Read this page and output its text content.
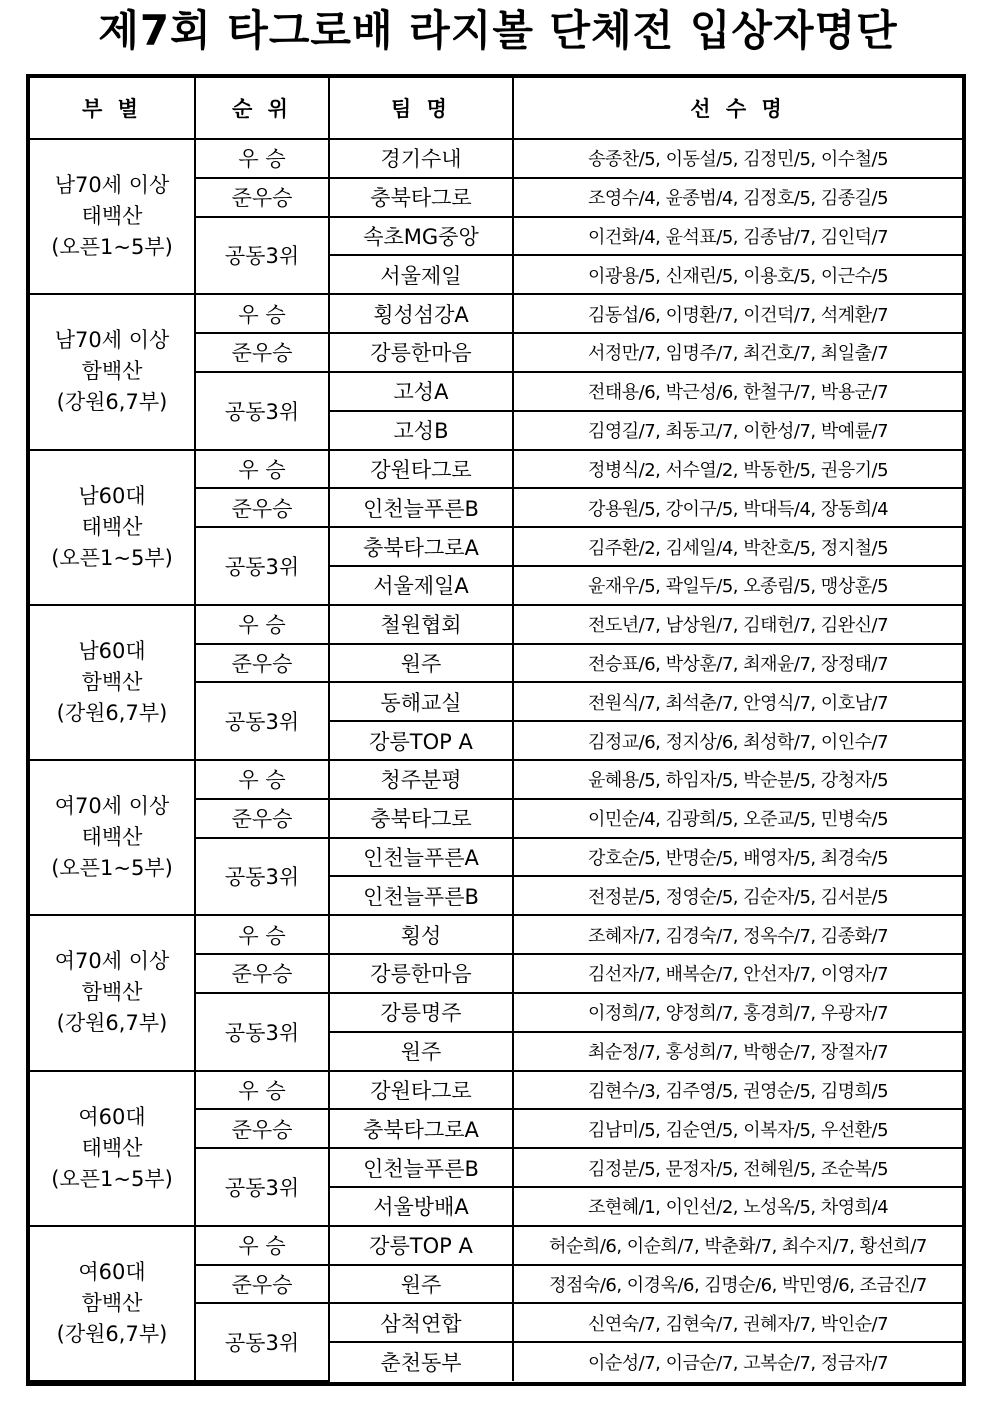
제7회 타그로배 라지볼 단체전 입상자명단
부 별	순 위	팀 명	선 수 명

남70세 이상
태백산
(오픈1~5부)	우 승	경기수내	송종찬/5, 이동설/5, 김정민/5, 이수철/5
	준우승	충북타그로	조영수/4, 윤종범/4, 김정호/5, 김종길/5
	공동3위	속초MG중앙	이건화/4, 윤석표/5, 김종남/7, 김인덕/7
		서울제일	이광용/5, 신재린/5, 이용호/5, 이근수/5

남70세 이상
함백산
(강원6,7부)	우 승	횡성섬강A	김동섭/6, 이명환/7, 이건덕/7, 석계환/7
	준우승	강릉한마음	서정만/7, 임명주/7, 최건호/7, 최일출/7
	공동3위	고성A	전태용/6, 박근성/6, 한철구/7, 박용군/7
		고성B	김영길/7, 최동고/7, 이한성/7, 박예륜/7

남60대
태백산
(오픈1~5부)	우 승	강원타그로	정병식/2, 서수열/2, 박동한/5, 권응기/5
	준우승	인천늘푸른B	강용원/5, 강이구/5, 박대득/4, 장동희/4
	공동3위	충북타그로A	김주환/2, 김세일/4, 박찬호/5, 정지철/5
		서울제일A	윤재우/5, 곽일두/5, 오종림/5, 맹상훈/5

남60대
함백산
(강원6,7부)	우 승	철원협회	전도년/7, 남상원/7, 김태헌/7, 김완신/7
	준우승	원주	전승표/6, 박상훈/7, 최재윤/7, 장정태/7
	공동3위	동해교실	전원식/7, 최석춘/7, 안영식/7, 이호남/7
		강릉TOP A	김정교/6, 정지상/6, 최성학/7, 이인수/7

여70세 이상
태백산
(오픈1~5부)	우 승	청주분평	윤혜용/5, 하임자/5, 박순분/5, 강청자/5
	준우승	충북타그로	이민순/4, 김광희/5, 오준교/5, 민병숙/5
	공동3위	인천늘푸른A	강호순/5, 반명순/5, 배영자/5, 최경숙/5
		인천늘푸른B	전정분/5, 정영순/5, 김순자/5, 김서분/5

여70세 이상
함백산
(강원6,7부)	우 승	횡성	조혜자/7, 김경숙/7, 정옥수/7, 김종화/7
	준우승	강릉한마음	김선자/7, 배복순/7, 안선자/7, 이영자/7
	공동3위	강릉명주	이정희/7, 양정희/7, 홍경희/7, 우광자/7
		원주	최순정/7, 홍성희/7, 박행순/7, 장절자/7

여60대
태백산
(오픈1~5부)	우 승	강원타그로	김현수/3, 김주영/5, 권영순/5, 김명희/5
	준우승	충북타그로A	김남미/5, 김순연/5, 이복자/5, 우선환/5
	공동3위	인천늘푸른B	김정분/5, 문정자/5, 전혜원/5, 조순복/5
		서울방배A	조현혜/1, 이인선/2, 노성옥/5, 차영희/4

여60대
함백산
(강원6,7부)	우 승	강릉TOP A	허순희/6, 이순희/7, 박춘화/7, 최수지/7, 황선희/7
	준우승	원주	정점숙/6, 이경옥/6, 김명순/6, 박민영/6, 조금진/7
	공동3위	삼척연합	신연숙/7, 김현숙/7, 권혜자/7, 박인순/7
		춘천동부	이순성/7, 이금순/7, 고복순/7, 정금자/7
